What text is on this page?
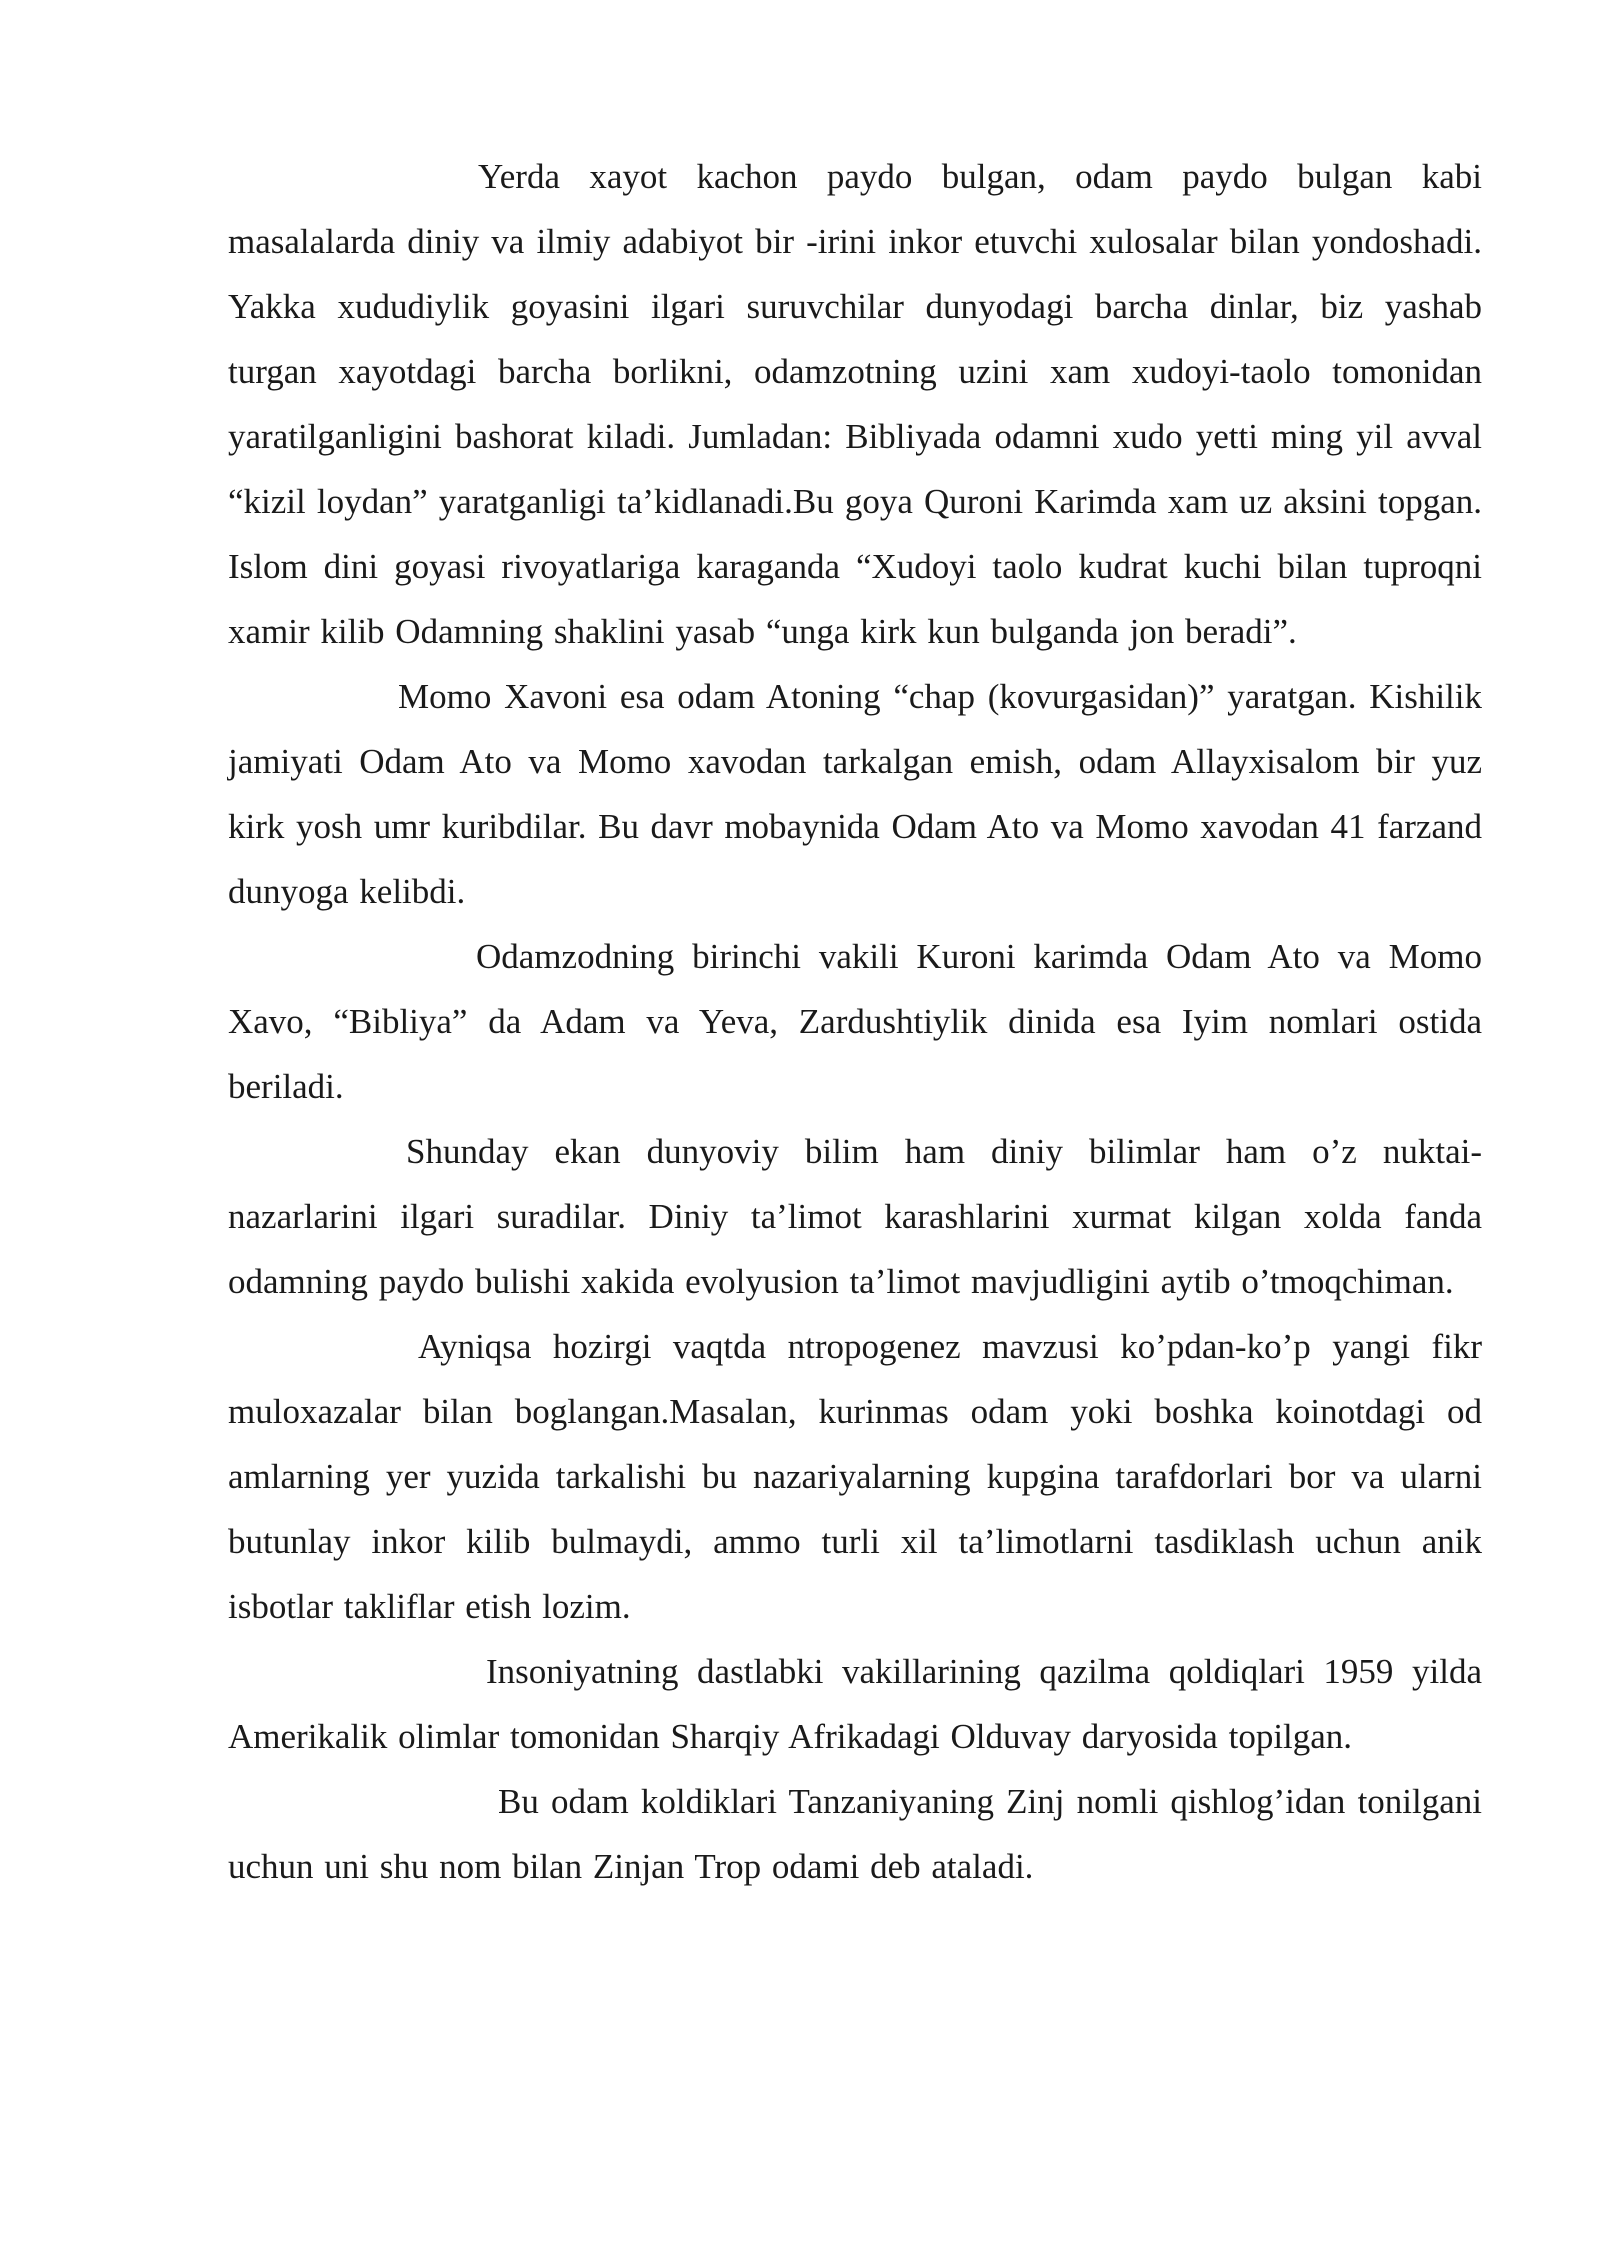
Yerda xayot kachon paydo bulgan, odam paydo bulgan kabi masalalarda diniy va ilmiy adabiyot bir -irini inkor etuvchi xulosalar bilan yondoshadi. Yakka xududiylik goyasini ilgari suruvchilar dunyodagi barcha dinlar, biz yashab turgan xayotdagi barcha borlikni, odamzotning uzini xam xudoyi-taolo tomonidan yaratilganligini bashorat kiladi. Jumladan: Bibliyada odamni xudo yetti ming yil avval “kizil loydan” yaratganligi ta’kidlanadi.Bu goya Quroni Karimda xam uz aksini topgan. Islom dini goyasi rivoyatlariga karaganda “Xudoyi taolo kudrat kuchi bilan tuproqni xamir kilib Odamning shaklini yasab “unga kirk kun bulganda jon beradi”.

Momo Xavoni esa odam Atoning “chap (kovurgasidan)” yaratgan. Kishilik jamiyati Odam Ato va Momo xavodan tarkalgan emish, odam Allayxisalom bir yuz kirk yosh umr kuribdilar. Bu davr mobaynida Odam Ato va Momo xavodan 41 farzand dunyoga kelibdi.

Odamzodning birinchi vakili Kuroni karimda Odam Ato va Momo Xavo, “Bibliya” da Adam va Yeva, Zardushtiylik dinida esa Iyim nomlari ostida beriladi.

Shunday ekan dunyoviy bilim ham diniy bilimlar ham o’z nuktai-nazarlarini ilgari suradilar. Diniy ta’limot karashlarini xurmat kilgan xolda fanda odamning paydo bulishi xakida evolyusion ta’limot mavjudligini aytib o’tmoqchiman.

Ayniqsa hozirgi vaqtda ntropogenez mavzusi ko’pdan-ko’p yangi fikr muloxazalar bilan boglangan.Masalan, kurinmas odam yoki boshka koinotdagi od amlarning yer yuzida tarkalishi bu nazariyalarning kupgina tarafdorlari bor va ularni butunlay inkor kilib bulmaydi, ammo turli xil ta’limotlarni tasdiklash uchun anik isbotlar takliflar etish lozim.

Insoniyatning dastlabki vakillarining qazilma qoldiqlari 1959 yilda Amerikalik olimlar tomonidan Sharqiy Afrikadagi Olduvay daryosida topilgan.

Bu odam koldiklari Tanzaniyaning Zinj nomli qishlog’idan tonilgani uchun uni shu nom bilan Zinjan Trop odami deb ataladi.
